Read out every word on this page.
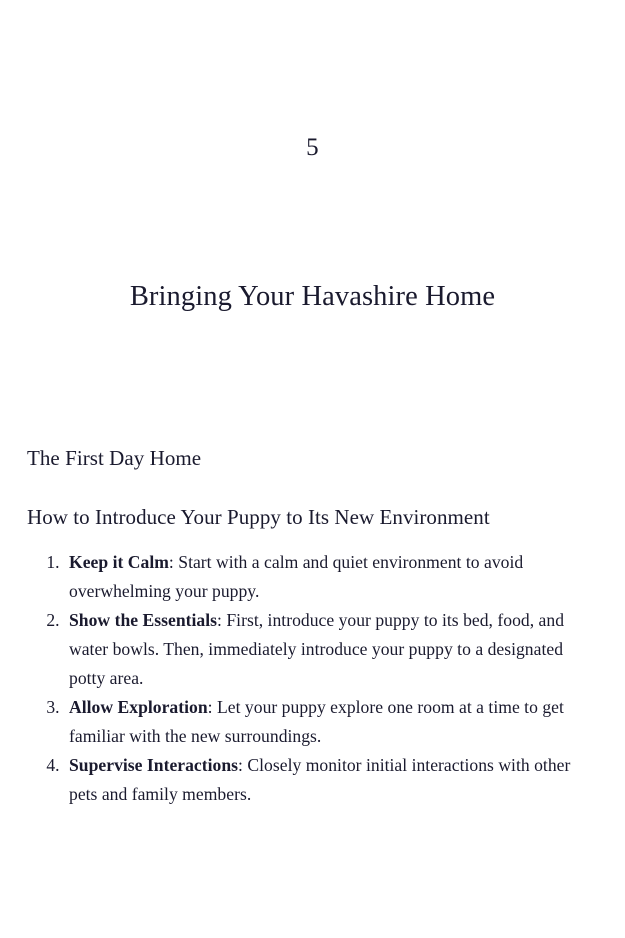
5
Bringing Your Havashire Home
The First Day Home
How to Introduce Your Puppy to Its New Environment
1. Keep it Calm: Start with a calm and quiet environment to avoid overwhelming your puppy.
2. Show the Essentials: First, introduce your puppy to its bed, food, and water bowls. Then, immediately introduce your puppy to a designated potty area.
3. Allow Exploration: Let your puppy explore one room at a time to get familiar with the new surroundings.
4. Supervise Interactions: Closely monitor initial interactions with other pets and family members.
